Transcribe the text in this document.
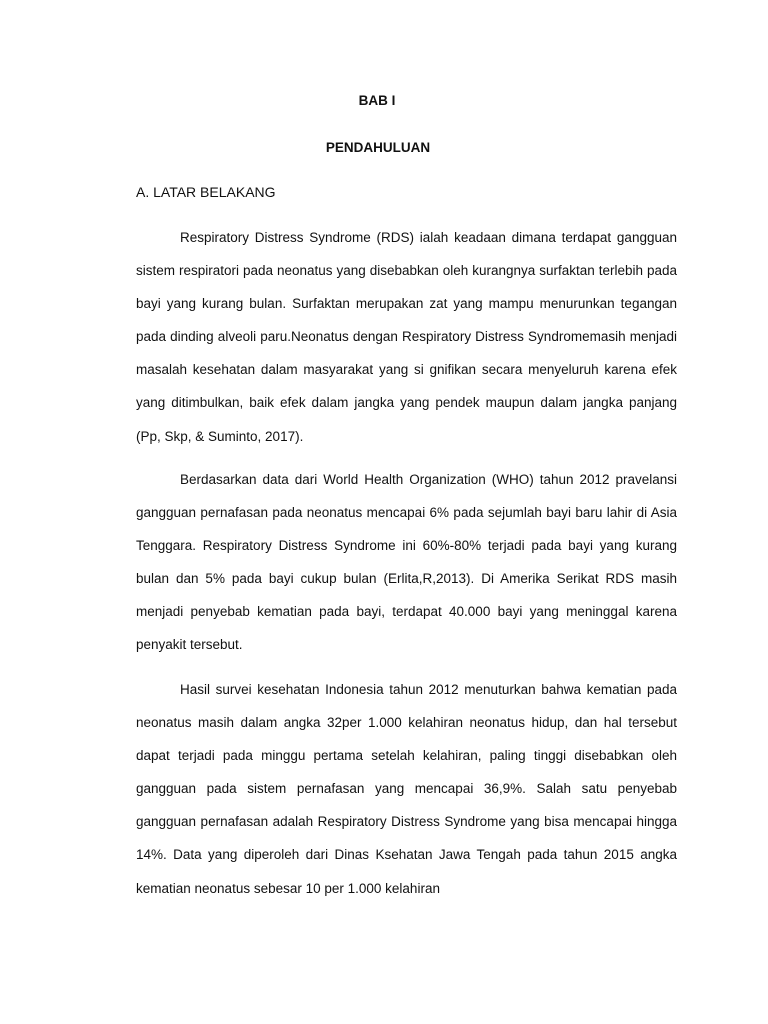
BAB I
PENDAHULUAN
A. LATAR BELAKANG

Respiratory Distress Syndrome (RDS) ialah keadaan dimana terdapat gangguan sistem respiratori pada neonatus yang disebabkan oleh kurangnya surfaktan terlebih pada bayi yang kurang bulan. Surfaktan merupakan zat yang mampu menurunkan tegangan pada dinding alveoli paru.Neonatus dengan Respiratory Distress Syndromemasih menjadi masalah kesehatan dalam masyarakat yang si gnifikan secara menyeluruh karena efek yang ditimbulkan, baik efek dalam jangka yang pendek maupun dalam jangka panjang (Pp, Skp, & Suminto, 2017).

Berdasarkan data dari World Health Organization (WHO) tahun 2012 pravelansi gangguan pernafasan pada neonatus mencapai 6% pada sejumlah bayi baru lahir di Asia Tenggara. Respiratory Distress Syndrome ini 60%-80% terjadi pada bayi yang kurang bulan dan 5% pada bayi cukup bulan (Erlita,R,2013). Di Amerika Serikat RDS masih menjadi penyebab kematian pada bayi, terdapat 40.000 bayi yang meninggal karena penyakit tersebut.

Hasil survei kesehatan Indonesia tahun 2012 menuturkan bahwa kematian pada neonatus masih dalam angka 32per 1.000 kelahiran neonatus hidup, dan hal tersebut dapat terjadi pada minggu pertama setelah kelahiran, paling tinggi disebabkan oleh gangguan pada sistem pernafasan yang mencapai 36,9%. Salah satu penyebab gangguan pernafasan adalah Respiratory Distress Syndrome yang bisa mencapai hingga 14%. Data yang diperoleh dari Dinas Ksehatan Jawa Tengah pada tahun 2015 angka kematian neonatus sebesar 10 per 1.000 kelahiran
